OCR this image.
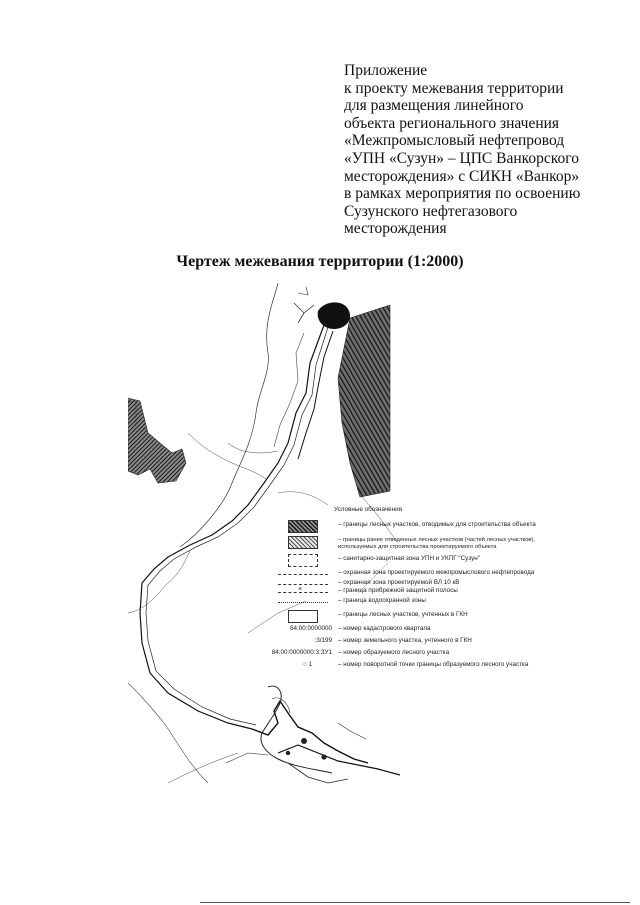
Приложение
к проекту межевания территории
для размещения линейного
объекта регионального значения
«Межпромысловый нефтепровод
«УПН «Сузун» – ЦПС Ванкорского
месторождения» с СИКН «Ванкор»
в рамках мероприятия по освоению
Сузунского нефтегазового
месторождения
Чертеж межевания территории (1:2000)
Условные обозначения
– границы лесных участков, отводимых для строительства объекта
– границы ранее отведенных лесных участков (частей лесных участков), используемых для строительства проектируемого объекта
– санитарно-защитная зона УПН и УКПГ "Сузун"
– охранная зона проектируемого межпромыслового нефтепровода
– охранная зона проектируемой ВЛ 10 кВ
×	– граница прибрежной защитной полосы
– граница водоохранной зоны
– границы лесных участков, учтенных в ГКН
84:00:0000000 – номер кадастрового квартала
:3/199 – номер земельного участка, учтенного в ГКН
84:00:0000000:3:ЗУ1 – номер образуемого лесного участка
○ 1	– номер поворотной точки границы образуемого лесного участка
